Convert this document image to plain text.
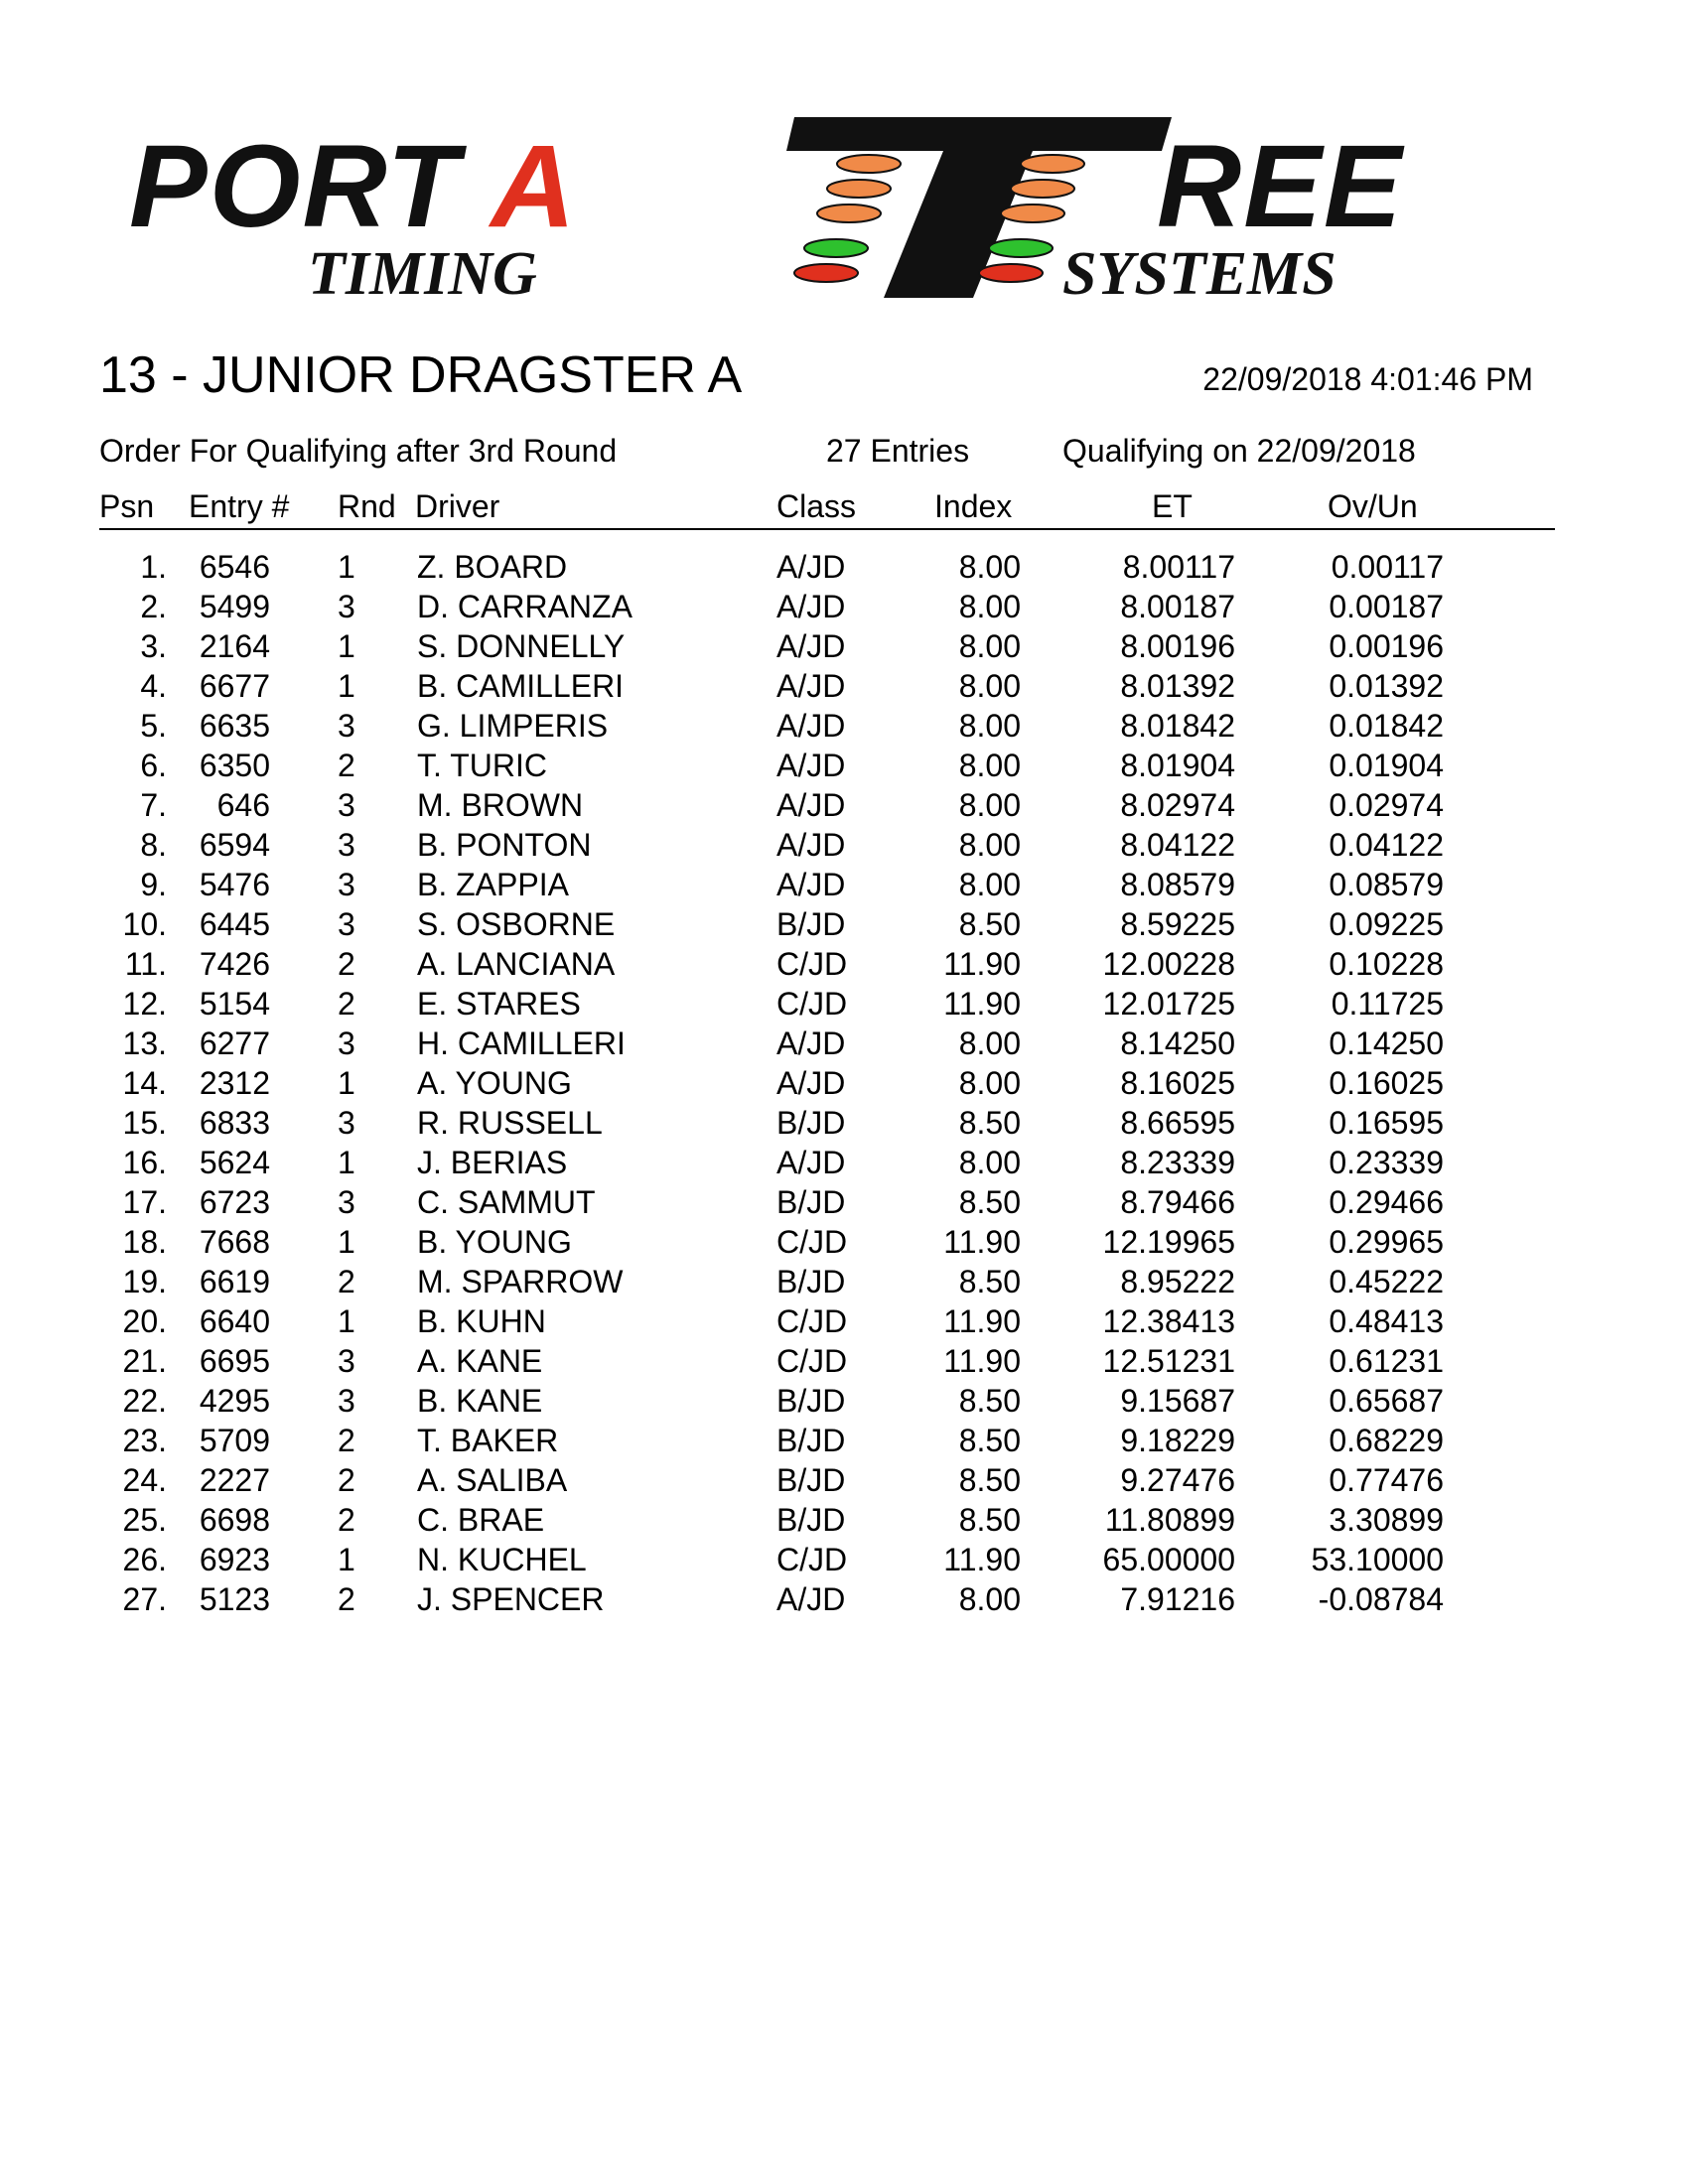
PORT A	REE
TIMING	SYSTEMS
13 - JUNIOR DRAGSTER A	22/09/2018 4:01:46 PM
Order For Qualifying after 3rd Round	27 Entries	Qualifying on 22/09/2018
Psn Entry # Rnd Driver	Class Index	ET	Ov/Un
1. 6546 1 Z. BOARD	A/JD	8.00	8.00117	0.00117
2. 5499 3 D. CARRANZA	A/JD	8.00	8.00187	0.00187
3. 2164 1 S. DONNELLY	A/JD	8.00	8.00196	0.00196
4. 6677 1 B. CAMILLERI	A/JD	8.00	8.01392	0.01392
5. 6635 3 G. LIMPERIS	A/JD	8.00	8.01842	0.01842
6. 6350 2 T. TURIC	A/JD	8.00	8.01904	0.01904
7. 646 3 M. BROWN	A/JD	8.00	8.02974	0.02974
8. 6594 3 B. PONTON	A/JD	8.00	8.04122	0.04122
9. 5476 3 B. ZAPPIA	A/JD	8.00	8.08579	0.08579
10. 6445 3 S. OSBORNE	B/JD	8.50	8.59225	0.09225
11. 7426 2 A. LANCIANA	C/JD	11.90	12.00228	0.10228
12. 5154 2 E. STARES	C/JD	11.90	12.01725	0.11725
13. 6277 3 H. CAMILLERI	A/JD	8.00	8.14250	0.14250
14. 2312 1 A. YOUNG	A/JD	8.00	8.16025	0.16025
15. 6833 3 R. RUSSELL	B/JD	8.50	8.66595	0.16595
16. 5624 1 J. BERIAS	A/JD	8.00	8.23339	0.23339
17. 6723 3 C. SAMMUT	B/JD	8.50	8.79466	0.29466
18. 7668 1 B. YOUNG	C/JD	11.90	12.19965	0.29965
19. 6619 2 M. SPARROW	B/JD	8.50	8.95222	0.45222
20. 6640 1 B. KUHN	C/JD	11.90	12.38413	0.48413
21. 6695 3 A. KANE	C/JD	11.90	12.51231	0.61231
22. 4295 3 B. KANE	B/JD	8.50	9.15687	0.65687
23. 5709 2 T. BAKER	B/JD	8.50	9.18229	0.68229
24. 2227 2 A. SALIBA	B/JD	8.50	9.27476	0.77476
25. 6698 2 C. BRAE	B/JD	8.50	11.80899	3.30899
26. 6923 1 N. KUCHEL	C/JD	11.90	65.00000 53.10000
27. 5123 2 J. SPENCER	A/JD	8.00	7.91216	-0.08784
